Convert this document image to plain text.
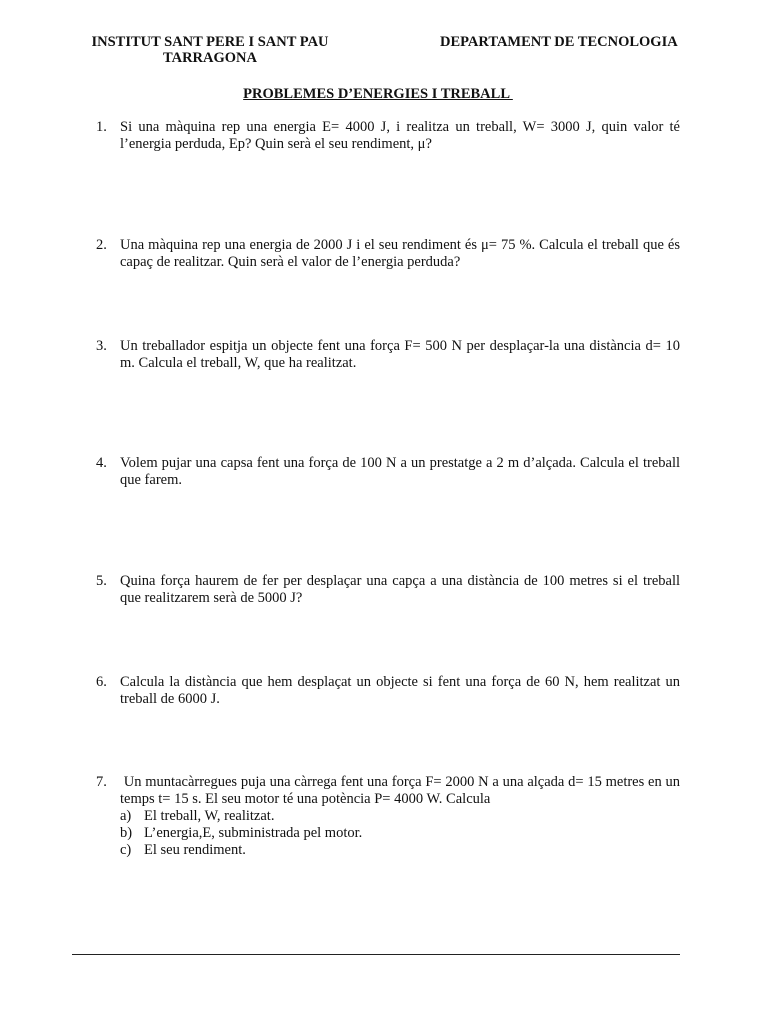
INSTITUT SANT PERE I SANT PAU
TARRAGONA
DEPARTAMENT DE TECNOLOGIA
PROBLEMES D’ENERGIES I TREBALL
1. Si una màquina rep una energia E= 4000 J, i realitza un treball, W= 3000 J, quin valor té l’energia perduda, Ep? Quin serà el seu rendiment, μ?
2. Una màquina rep una energia de 2000 J i el seu rendiment és μ= 75 %. Calcula el treball que és capaç de realitzar. Quin serà el valor de l’energia perduda?
3. Un treballador espitja un objecte fent una força F= 500 N per desplaçar-la una distància d= 10 m. Calcula el treball, W, que ha realitzat.
4. Volem pujar una capsa fent una força de 100 N a un prestatge a 2 m d’alçada. Calcula el treball que farem.
5. Quina força haurem de fer per desplaçar una capça a una distància de 100 metres si el treball que realitzarem serà de 5000 J?
6. Calcula la distància que hem desplaçat un objecte si fent una força de 60 N, hem realitzat un treball de 6000 J.
7. Un muntacàrregues puja una càrrega fent una força F= 2000 N a una alçada d= 15 metres en un temps t= 15 s. El seu motor té una potència P= 4000 W. Calcula
a) El treball, W, realitzat.
b) L’energia,E, subministrada pel motor.
c) El seu rendiment.
